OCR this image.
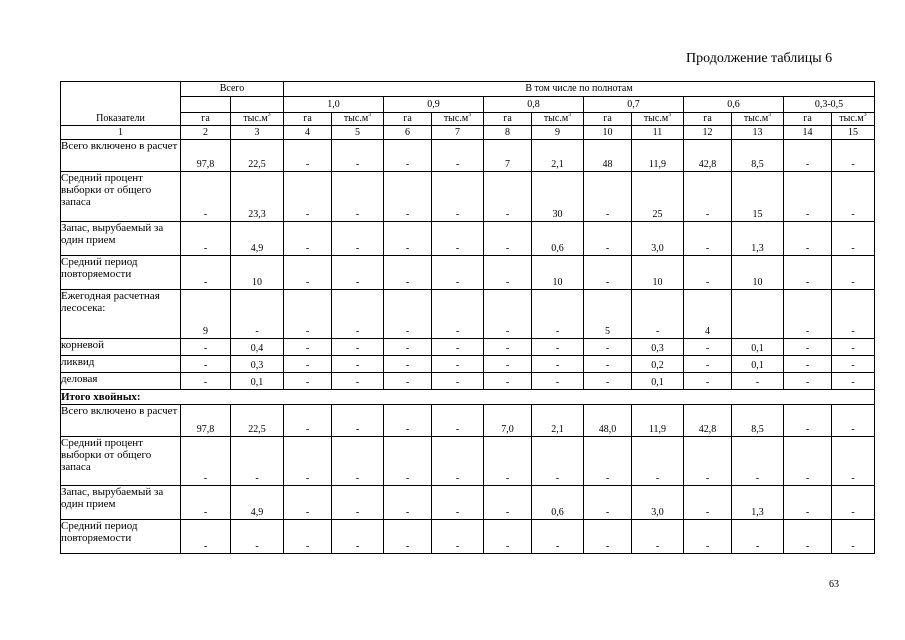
Продолжение таблицы 6
Показатели	Всего		В том числе по полнотам											
			1,0		0,9		0,8		0,7		0,6		0,3-0,5	
	га	$тыс.м^3$	га	$тыс.м^3$	га	$тыс.м^3$	га	$тыс.м^3$	га	$тыс.м^3$	га	$тыс.м^3$	га	$тыс.м^3$
1	2	3	4	5	6	7	8	9	10	11	12	13	14	15
Всего включено в расчет	97,8	22,5	-	-	-	-	7	2,1	48	11,9	42,8	8,5	-	-
Средний процент выборки от общего запаса	-	23,3	-	-	-	-	-	30	-	25	-	15	-	-
Запас, вырубаемый за один прием	-	4,9	-	-	-	-	-	0,6	-	3,0	-	1,3	-	-
Средний период повторяемости	-	10	-	-	-	-	-	10	-	10	-	10	-	-
Ежегодная расчетная лесосека:	9	-	-	-	-	-	-	-	5	-	4		-	-
корневой	-	0,4	-	-	-	-	-	-	-	0,3	-	0,1	-	-
ликвид	-	0,3	-	-	-	-	-	-	-	0,2	-	0,1	-	-
деловая	-	0,1	-	-	-	-	-	-	-	0,1	-	-	-	-
Итого хвойных:														
Всего включено в расчет	97,8	22,5	-	-	-	-	7,0	2,1	48,0	11,9	42,8	8,5	-	-
Средний процент выборки от общего запаса	-	-	-	-	-	-	-	-	-	-	-	-	-	-
Запас, вырубаемый за один прием	-	4,9	-	-	-	-	-	0,6	-	3,0	-	1,3	-	-
Средний период повторяемости	-	-	-	-	-	-	-	-	-	-	-	-	-	-
63
